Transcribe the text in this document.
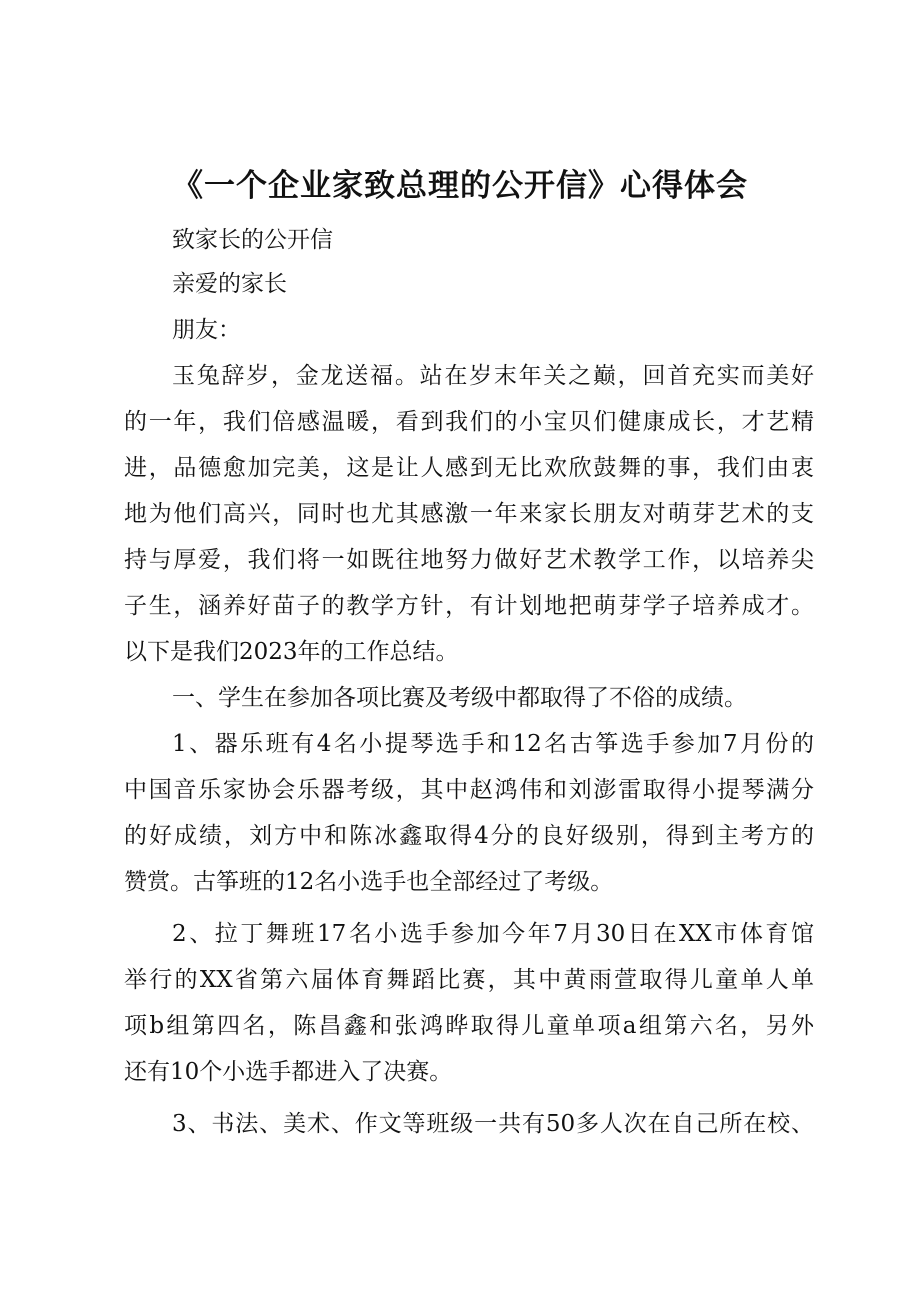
《一个企业家致总理的公开信》心得体会

致家长的公开信

亲爱的家长

朋友：

玉兔辞岁，金龙送福。站在岁末年关之巅，回首充实而美好

的一年，我们倍感温暖，看到我们的小宝贝们健康成长，才艺精

进，品德愈加完美，这是让人感到无比欢欣鼓舞的事，我们由衷

地为他们高兴，同时也尤其感激一年来家长朋友对萌芽艺术的支

持与厚爱，我们将一如既往地努力做好艺术教学工作，以培养尖

子生，涵养好苗子的教学方针，有计划地把萌芽学子培养成才。

以下是我们2023年的工作总结。

一、学生在参加各项比赛及考级中都取得了不俗的成绩。

1、器乐班有4名小提琴选手和12名古筝选手参加7月份的

中国音乐家协会乐器考级，其中赵鸿伟和刘澎雷取得小提琴满分

的好成绩，刘方中和陈冰鑫取得4分的良好级别，得到主考方的

赞赏。古筝班的12名小选手也全部经过了考级。

2、拉丁舞班17名小选手参加今年7月30日在XX市体育馆

举行的XX省第六届体育舞蹈比赛，其中黄雨萱取得儿童单人单

项b组第四名，陈昌鑫和张鸿晔取得儿童单项a组第六名，另外

还有10个小选手都进入了决赛。

3、书法、美术、作文等班级一共有50多人次在自己所在校、
